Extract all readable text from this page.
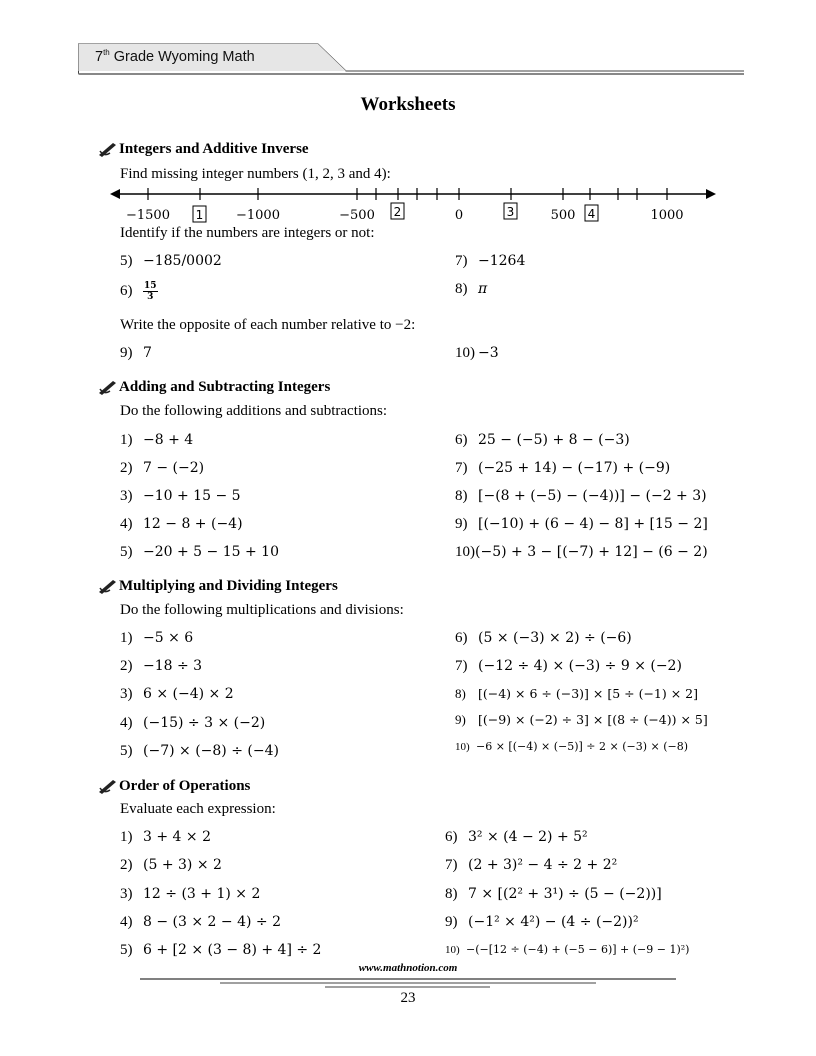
7th Grade Wyoming Math
Worksheets
Integers and Additive Inverse
Find missing integer numbers (1, 2, 3 and 4):
−1500	−1000	−500	0	500	1000
1	2	3	4
Identify if the numbers are integers or not:
5) −185/0002	7) −1264
$6) \frac{15}{3}$	8) π
Write the opposite of each number relative to −2:
9) 7	10) −3
Adding and Subtracting Integers
Do the following additions and subtractions:
1) −8 + 4
2) 7 − (−2)
3) −10 + 15 − 5
4) 12 − 8 + (−4)
5) −20 + 5 − 15 + 10
6) 25 − (−5) + 8 − (−3)
7) (−25 + 14) − (−17) + (−9)
8) [−(8 + (−5) − (−4))] − (−2 + 3)
9) [(−10) + (6 − 4) − 8] + [15 − 2]
10)(−5) + 3 − [(−7) + 12] − (6 − 2)
Multiplying and Dividing Integers
Do the following multiplications and divisions:
1) −5 × 6
2) −18 ÷ 3
3) 6 × (−4) × 2
4) (−15) ÷ 3 × (−2)
5) (−7) × (−8) ÷ (−4)
6) (5 × (−3) × 2) ÷ (−6)
7) (−12 ÷ 4) × (−3) ÷ 9 × (−2)
8) [(−4) × 6 ÷ (−3)] × [5 ÷ (−1) × 2]
9) [(−9) × (−2) ÷ 3] × [(8 ÷ (−4)) × 5]
10) −6 × [(−4) × (−5)] ÷ 2 × (−3) × (−8)
Order of Operations
Evaluate each expression:
1) 3 + 4 × 2
2) (5 + 3) × 2
3) 12 ÷ (3 + 1) × 2
4) 8 − (3 × 2 − 4) ÷ 2
5) 6 + [2 × (3 − 8) + 4] ÷ 2
6) 3² × (4 − 2) + 5²
7) (2 + 3)² − 4 ÷ 2 + 2²
8) 7 × [(2² + 3¹) ÷ (5 − (−2))]
9) (−1² × 4²) − (4 ÷ (−2))²
10) −(−[12 ÷ (−4) + (−5 − 6)] + (−9 − 1)²)
www.mathnotion.com
23
